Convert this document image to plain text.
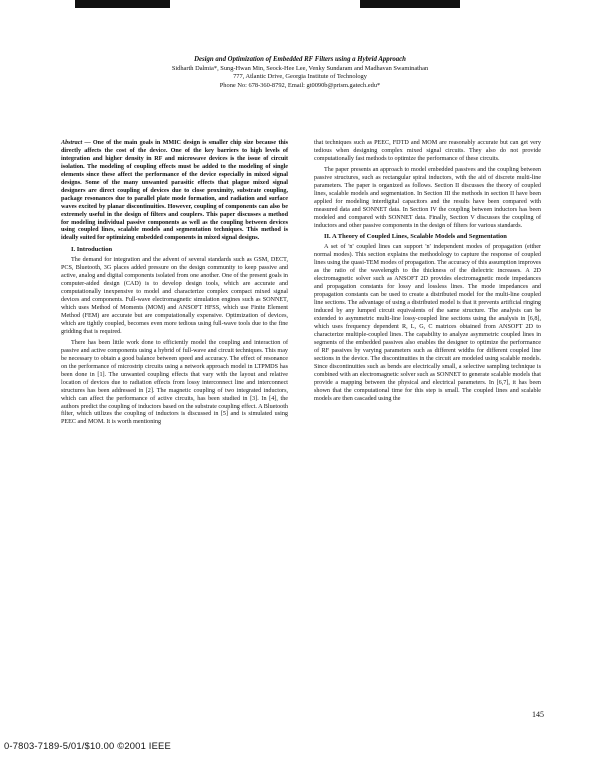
Design and Optimization of Embedded RF Filters using a Hybrid Approach
Sidharth Dalmia*, Sung-Hwan Min, Seock-Hee Lee, Venky Sundaram and Madhavan Swaminathan
777, Atlantic Drive, Georgia Institute of Technology
Phone No: 678-360-8792, Email: gt0090b@prism.gatech.edu*

Abstract — One of the main goals in MMIC design is smaller chip size because this directly affects the cost of the device. One of the key barriers to high levels of integration and higher density in RF and microwave devices is the issue of circuit isolation. The modeling of coupling effects must be added to the modeling of single elements since these affect the performance of the device especially in mixed signal designs. Some of the many unwanted parasitic effects that plague mixed signal designers are direct coupling of devices due to close proximity, substrate coupling, package resonances due to parallel plate mode formation, and radiation and surface waves excited by planar discontinuities. However, coupling of components can also be extremely useful in the design of filters and couplers. This paper discusses a method for modeling individual passive components as well as the coupling between devices using coupled lines, scalable models and segmentation techniques. This method is ideally suited for optimizing embedded components in mixed signal designs.

I. Introduction

The demand for integration and the advent of several standards such as GSM, DECT, PCS, Bluetooth, 3G places added pressure on the design community to keep passive and active, analog and digital components isolated from one another. One of the present goals in computer-aided design (CAD) is to develop design tools, which are accurate and computationally inexpensive to model and characterize complex compact mixed signal devices and components. Full-wave electromagnetic simulation engines such as SONNET, which uses Method of Moments (MOM) and ANSOFT HFSS, which use Finite Element Method (FEM) are accurate but are computationally expensive. Optimization of devices, which are tightly coupled, becomes even more tedious using full-wave tools due to the fine gridding that is required.

There has been little work done to efficiently model the coupling and interaction of passive and active components using a hybrid of full-wave and circuit techniques. This may be necessary to obtain a good balance between speed and accuracy. The effect of resonance on the performance of microstrip circuits using a network approach model in LTPMDS has been done in [1]. The unwanted coupling effects that vary with the layout and relative location of devices due to radiation effects from lossy interconnect line and interconnect structures has been addressed in [2]. The magnetic coupling of two integrated inductors, which can affect the performance of active circuits, has been studied in [3]. In [4], the authors predict the coupling of inductors based on the substrate coupling effect. A Bluetooth filter, which utilizes the coupling of inductors is discussed in [5] and is simulated using PEEC and MOM. It is worth mentioning

that techniques such as PEEC, FDTD and MOM are reasonably accurate but can get very tedious when designing complex mixed signal circuits. They also do not provide computationally fast methods to optimize the performance of these circuits.

The paper presents an approach to model embedded passives and the coupling between passive structures, such as rectangular spiral inductors, with the aid of discrete multi-line parameters. The paper is organized as follows. Section II discusses the theory of coupled lines, scalable models and segmentation. In Section III the methods in section II have been applied for modeling interdigital capacitors and the results have been compared with measured data and SONNET data. In Section IV the coupling between inductors has been modeled and compared with SONNET data. Finally, Section V discusses the coupling of inductors and other passive components in the design of filters for various standards.

II. A Theory of Coupled Lines, Scalable Models and Segmentation

A set of 'n' coupled lines can support 'n' independent modes of propagation (either normal modes). This section explains the methodology to capture the response of coupled lines using the quasi-TEM modes of propagation. The accuracy of this assumption improves as the ratio of the wavelength to the thickness of the dielectric increases. A 2D electromagnetic solver such as ANSOFT 2D provides electromagnetic mode impedances and propagation constants for lossy and lossless lines. The mode impedances and propagation constants can be used to create a distributed model for the multi-line coupled line sections. The advantage of using a distributed model is that it prevents artificial ringing induced by any lumped circuit equivalents of the same structure. The analysis can be extended to asymmetric multi-line lossy-coupled line sections using the analysis in [6,8], which uses frequency dependent R, L, G, C matrices obtained from ANSOFT 2D to characterize multiple-coupled lines. The capability to analyze asymmetric coupled lines in segments of the embedded passives also enables the designer to optimize the performance of RF passives by varying parameters such as different widths for different coupled line sections in the device. The discontinuities in the circuit are modeled using scalable models. Since discontinuities such as bends are electrically small, a selective sampling technique is combined with an electromagnetic solver such as SONNET to generate scalable models that provide a mapping between the physical and electrical parameters. In [6,7], it has been shown that the computational time for this step is small. The coupled lines and scalable models are then cascaded using the

145
0-7803-7189-5/01/$10.00 ©2001 IEEE
